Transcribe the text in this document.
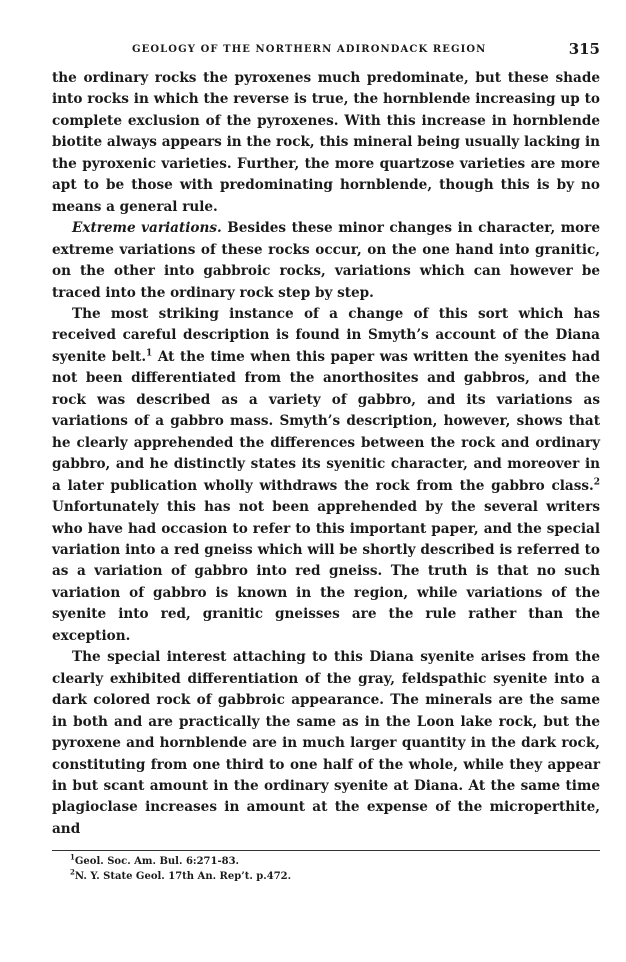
GEOLOGY OF THE NORTHERN ADIRONDACK REGION	315

the ordinary rocks the pyroxenes much predominate, but these shade into rocks in which the reverse is true, the hornblende increasing up to complete exclusion of the pyroxenes. With this increase in hornblende biotite always appears in the rock, this mineral being usually lacking in the pyroxenic varieties. Further, the more quartzose varieties are more apt to be those with predominating hornblende, though this is by no means a general rule.

Extreme variations. Besides these minor changes in character, more extreme variations of these rocks occur, on the one hand into granitic, on the other into gabbroic rocks, variations which can however be traced into the ordinary rock step by step.

The most striking instance of a change of this sort which has received careful description is found in Smyth’s account of the Diana syenite belt.$^1$ At the time when this paper was written the syenites had not been differentiated from the anorthosites and gabbros, and the rock was described as a variety of gabbro, and its variations as variations of a gabbro mass. Smyth’s description, however, shows that he clearly apprehended the differences between the rock and ordinary gabbro, and he distinctly states its syenitic character, and moreover in a later publication wholly withdraws the rock from the gabbro class.$^2$ Unfortunately this has not been apprehended by the several writers who have had occasion to refer to this important paper, and the special variation into a red gneiss which will be shortly described is referred to as a variation of gabbro into red gneiss. The truth is that no such variation of gabbro is known in the region, while variations of the syenite into red, granitic gneisses are the rule rather than the exception.

The special interest attaching to this Diana syenite arises from the clearly exhibited differentiation of the gray, feldspathic syenite into a dark colored rock of gabbroic appearance. The minerals are the same in both and are practically the same as in the Loon lake rock, but the pyroxene and hornblende are in much larger quantity in the dark rock, constituting from one third to one half of the whole, while they appear in but scant amount in the ordinary syenite at Diana. At the same time plagioclase increases in amount at the expense of the microperthite, and

$^1$Geol. Soc. Am. Bul. 6:271-83.
$^2$N. Y. State Geol. 17th An. Rep’t. p.472.
